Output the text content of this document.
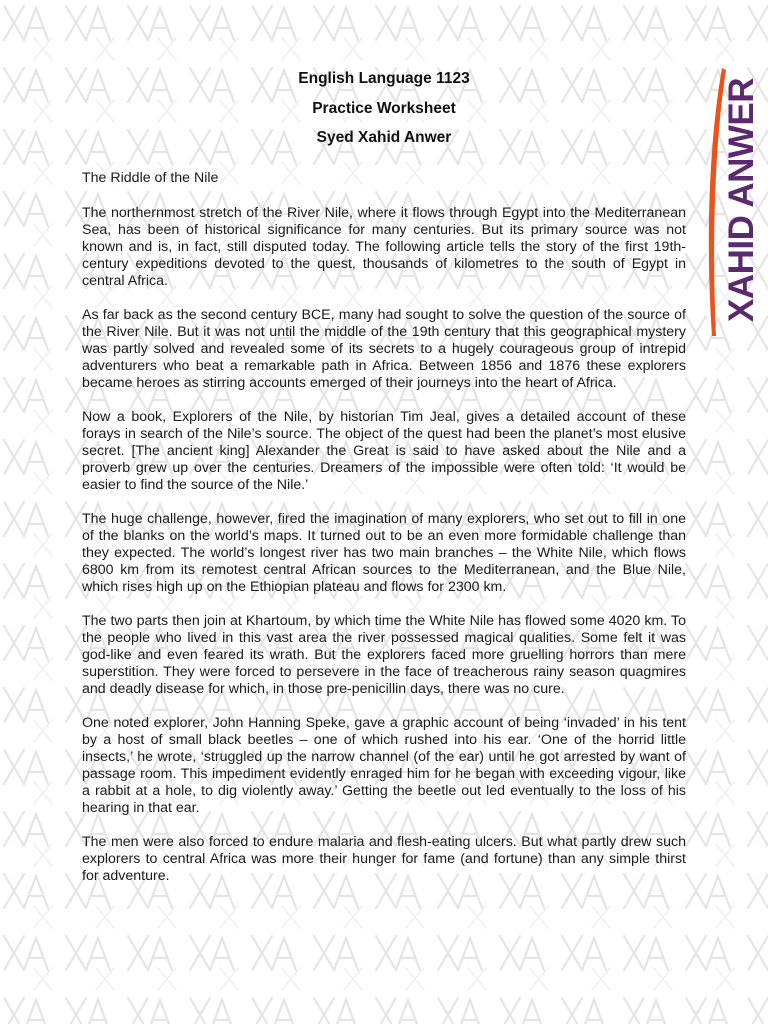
English Language 1123
Practice Worksheet
Syed Xahid Anwer	XAHID ANWER
The Riddle of the Nile

The northernmost stretch of the River Nile, where it flows through Egypt into the Mediterranean Sea, has been of historical significance for many centuries. But its primary source was not known and is, in fact, still disputed today. The following article tells the story of the first 19th-century expeditions devoted to the quest, thousands of kilometres to the south of Egypt in central Africa.

As far back as the second century BCE, many had sought to solve the question of the source of the River Nile. But it was not until the middle of the 19th century that this geographical mystery was partly solved and revealed some of its secrets to a hugely courageous group of intrepid adventurers who beat a remarkable path in Africa. Between 1856 and 1876 these explorers became heroes as stirring accounts emerged of their journeys into the heart of Africa.

Now a book, Explorers of the Nile, by historian Tim Jeal, gives a detailed account of these forays in search of the Nile’s source. The object of the quest had been the planet’s most elusive secret. [The ancient king] Alexander the Great is said to have asked about the Nile and a proverb grew up over the centuries. Dreamers of the impossible were often told: ‘It would be easier to find the source of the Nile.’

The huge challenge, however, fired the imagination of many explorers, who set out to fill in one of the blanks on the world’s maps. It turned out to be an even more formidable challenge than they expected. The world’s longest river has two main branches – the White Nile, which flows 6800 km from its remotest central African sources to the Mediterranean, and the Blue Nile, which rises high up on the Ethiopian plateau and flows for 2300 km.

The two parts then join at Khartoum, by which time the White Nile has flowed some 4020 km. To the people who lived in this vast area the river possessed magical qualities. Some felt it was god-like and even feared its wrath. But the explorers faced more gruelling horrors than mere superstition. They were forced to persevere in the face of treacherous rainy season quagmires and deadly disease for which, in those pre-penicillin days, there was no cure.

One noted explorer, John Hanning Speke, gave a graphic account of being ‘invaded’ in his tent by a host of small black beetles – one of which rushed into his ear. ‘One of the horrid little insects,’ he wrote, ‘struggled up the narrow channel (of the ear) until he got arrested by want of passage room. This impediment evidently enraged him for he began with exceeding vigour, like a rabbit at a hole, to dig violently away.’ Getting the beetle out led eventually to the loss of his hearing in that ear.

The men were also forced to endure malaria and flesh-eating ulcers. But what partly drew such explorers to central Africa was more their hunger for fame (and fortune) than any simple thirst for adventure.
